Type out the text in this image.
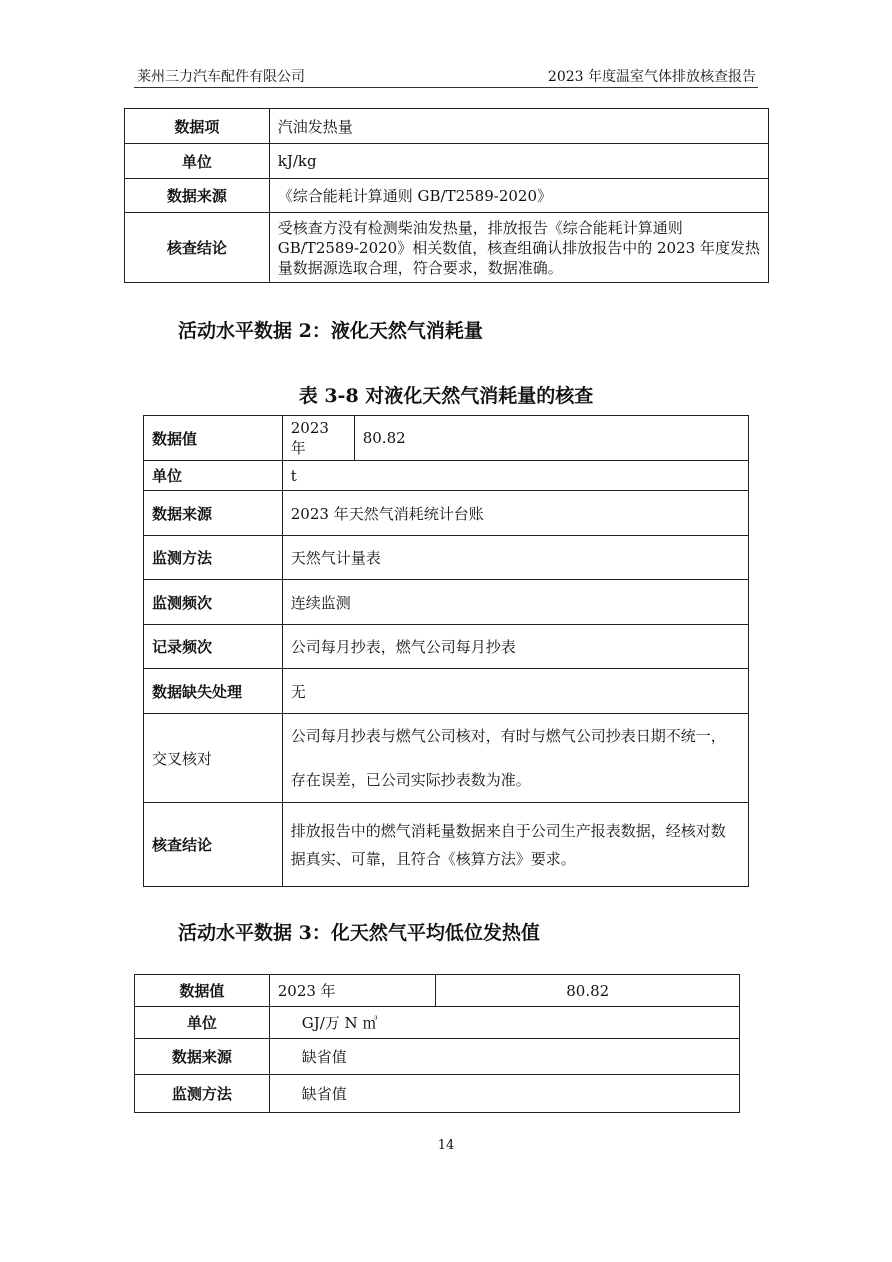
莱州三力汽车配件有限公司	2023 年度温室气体排放核查报告
数据项	汽油发热量
单位	kJ/kg
数据来源	《综合能耗计算通则 GB/T2589-2020》
核查结论	受核查方没有检测柴油发热量，排放报告《综合能耗计算通则 GB/T2589-2020》相关数值，核查组确认排放报告中的 2023 年度发热量数据源选取合理，符合要求，数据准确。
活动水平数据 2：液化天然气消耗量
表 3-8 对液化天然气消耗量的核查
数据值	2023 年	80.82
单位	t	
数据来源	2023 年天然气消耗统计台账	
监测方法	天然气计量表	
监测频次	连续监测	
记录频次	公司每月抄表，燃气公司每月抄表	
数据缺失处理	无	
交叉核对	公司每月抄表与燃气公司核对，有时与燃气公司抄表日期不统一，存在误差，已公司实际抄表数为准。	
核查结论	排放报告中的燃气消耗量数据来自于公司生产报表数据，经核对数据真实、可靠，且符合《核算方法》要求。	
活动水平数据 3：化天然气平均低位发热值
数据值	2023 年	80.82
单位	GJ/万 N ㎥	
数据来源	缺省值	
监测方法	缺省值	
14
